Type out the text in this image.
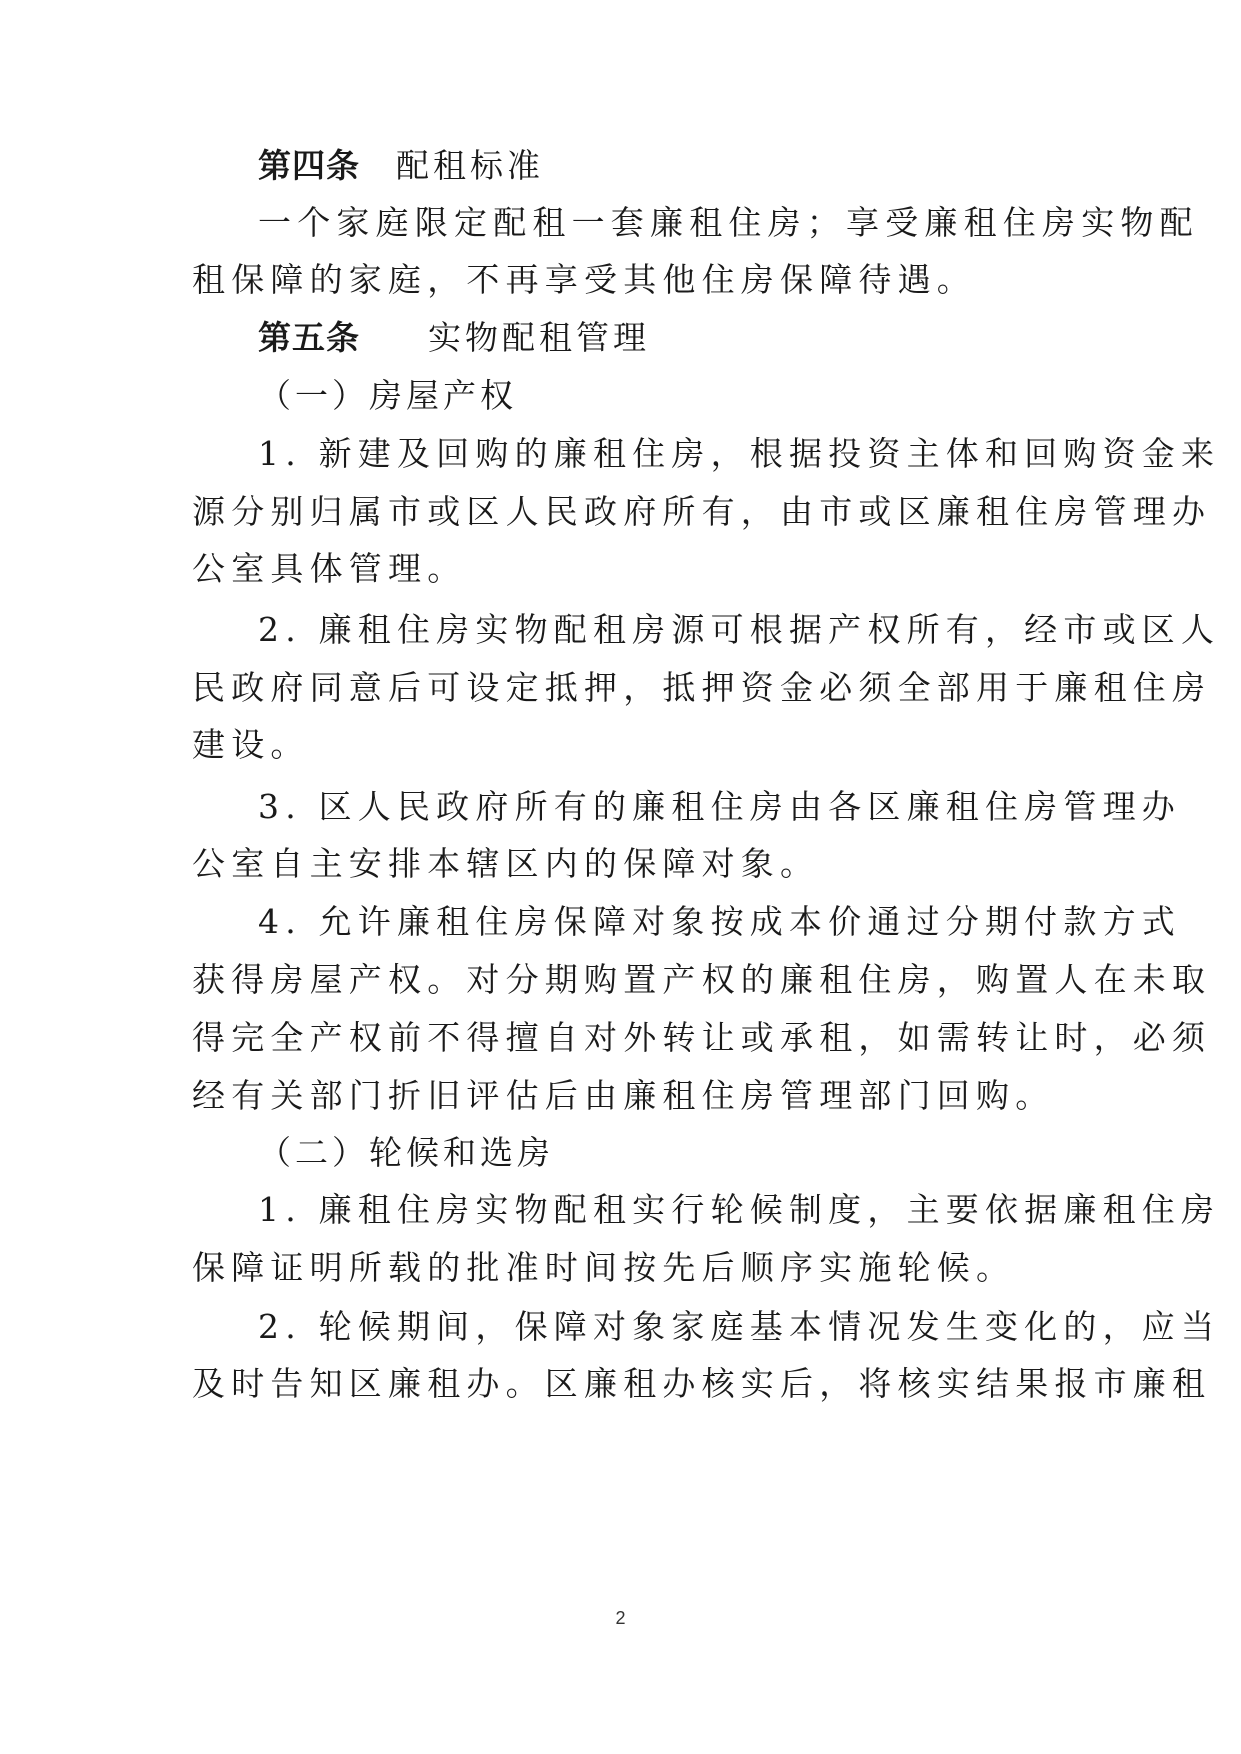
第四条 配租标准
一个家庭限定配租一套廉租住房；享受廉租住房实物配
租保障的家庭，不再享受其他住房保障待遇。
第五条 实物配租管理
（一）房屋产权
1. 新建及回购的廉租住房，根据投资主体和回购资金来
源分别归属市或区人民政府所有，由市或区廉租住房管理办
公室具体管理。
2. 廉租住房实物配租房源可根据产权所有，经市或区人
民政府同意后可设定抵押，抵押资金必须全部用于廉租住房
建设。
3. 区人民政府所有的廉租住房由各区廉租住房管理办
公室自主安排本辖区内的保障对象。
4. 允许廉租住房保障对象按成本价通过分期付款方式
获得房屋产权。对分期购置产权的廉租住房，购置人在未取
得完全产权前不得擅自对外转让或承租，如需转让时，必须
经有关部门折旧评估后由廉租住房管理部门回购。
（二）轮候和选房
1. 廉租住房实物配租实行轮候制度，主要依据廉租住房
保障证明所载的批准时间按先后顺序实施轮候。
2. 轮候期间，保障对象家庭基本情况发生变化的，应当
及时告知区廉租办。区廉租办核实后，将核实结果报市廉租
2
